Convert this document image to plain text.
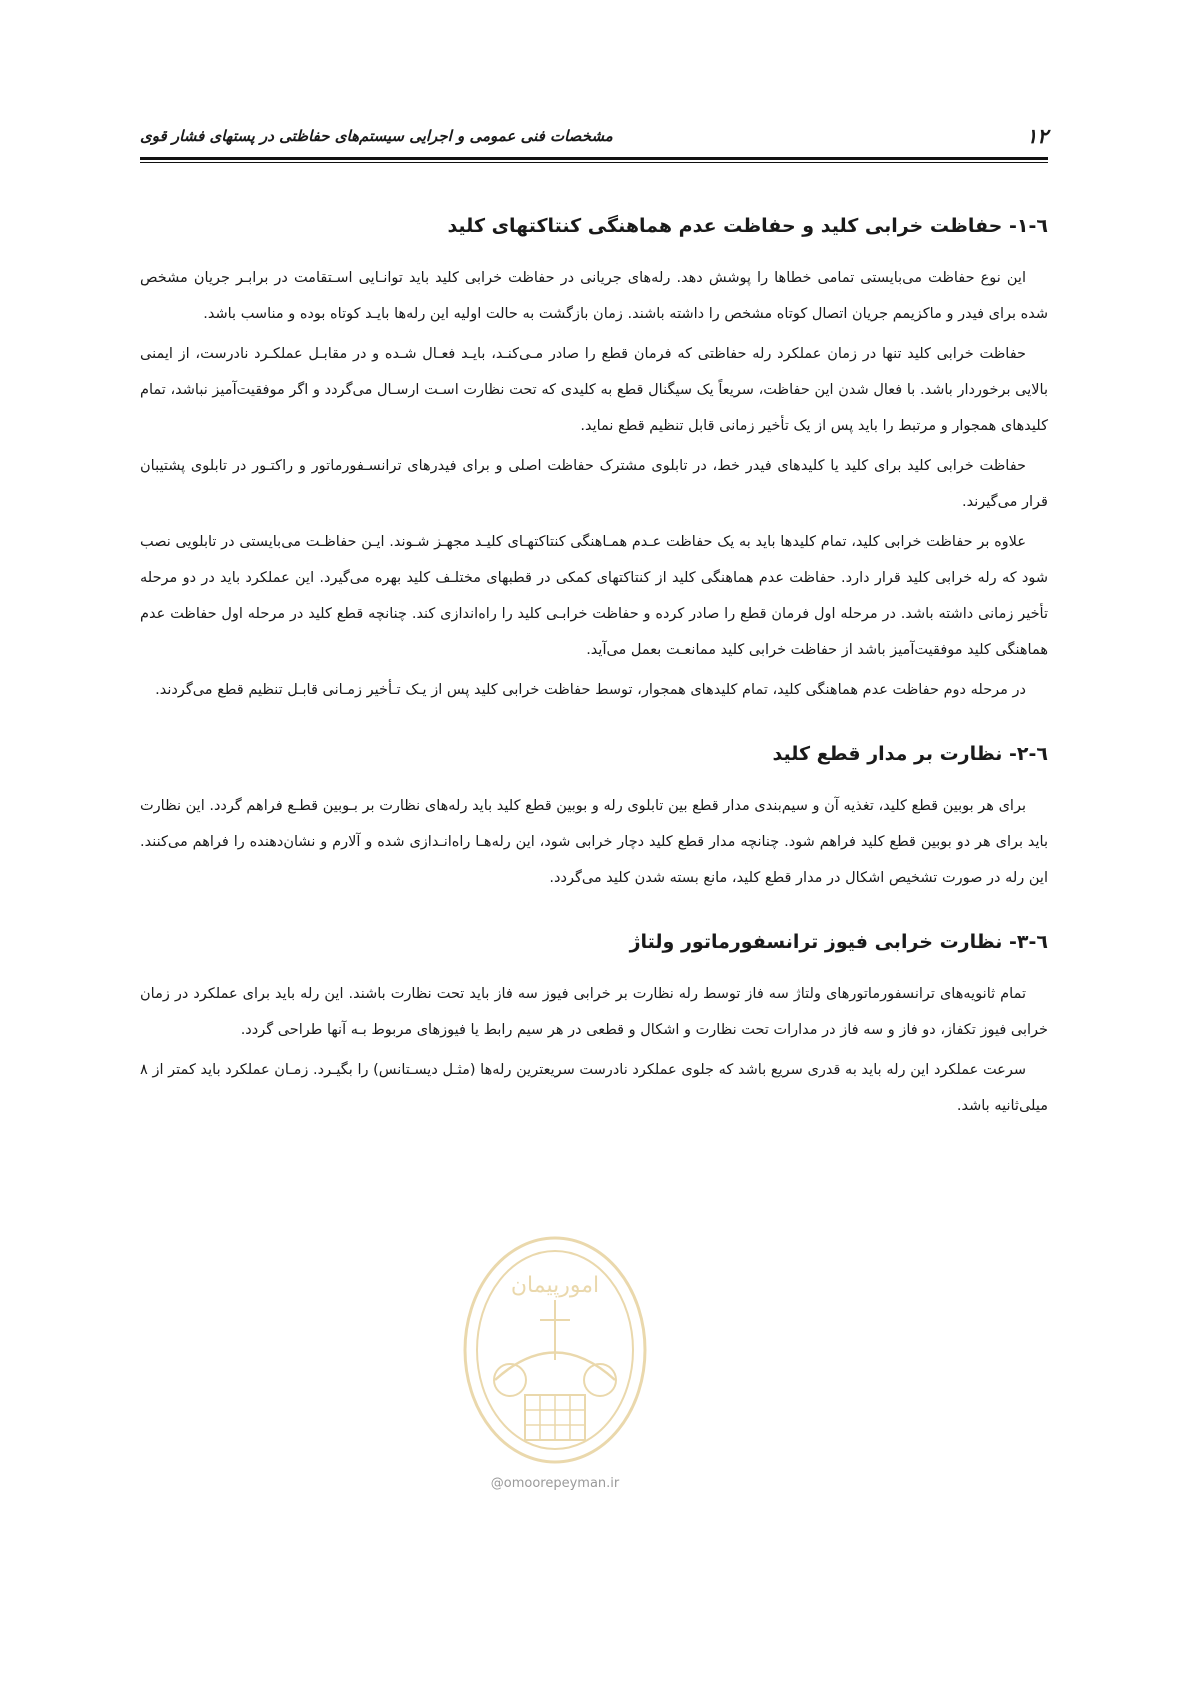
۱۲
مشخصات فنی عمومی و اجرایی سیستم‌های حفاظتی در پستهای فشار قوی
٦-١- حفاظت خرابی کلید و حفاظت عدم هماهنگی کنتاکتهای کلید

این نوع حفاظت می‌بایستی تمامی خطاها را پوشش دهد. رله‌های جریانی در حفاظت خرابی کلید باید توانـایی اسـتقامت در برابـر جریان مشخص شده برای فیدر و ماکزیمم جریان اتصال کوتاه مشخص را داشته باشند. زمان بازگشت به حالت اولیه این رله‌ها بایـد کوتاه بوده و مناسب باشد.

حفاظت خرابی کلید تنها در زمان عملکرد رله حفاظتی که فرمان قطع را صادر مـی‌کنـد، بایـد فعـال شـده و در مقابـل عملکـرد نادرست، از ایمنی بالایی برخوردار باشد. با فعال شدن این حفاظت، سریعاً یک سیگنال قطع به کلیدی که تحت نظارت اسـت ارسـال می‌گردد و اگر موفقیت‌آمیز نباشد، تمام کلیدهای همجوار و مرتبط را باید پس از یک تأخیر زمانی قابل تنظیم قطع نماید.

حفاظت خرابی کلید برای کلید یا کلیدهای فیدر خط، در تابلوی مشترک حفاظت اصلی و برای فیدرهای ترانسـفورماتور و راکتـور در تابلوی پشتیبان قرار می‌گیرند.

علاوه بر حفاظت خرابی کلید، تمام کلیدها باید به یک حفاظت عـدم همـاهنگی کنتاکتهـای کلیـد مجهـز شـوند. ایـن حفاظـت می‌بایستی در تابلویی نصب شود که رله خرابی کلید قرار دارد. حفاظت عدم هماهنگی کلید از کنتاکتهای کمکی در قطبهای مختلـف کلید بهره می‌گیرد. این عملکرد باید در دو مرحله تأخیر زمانی داشته باشد. در مرحله اول فرمان قطع را صادر کرده و حفاظت خرابـی کلید را راه‌اندازی کند. چنانچه قطع کلید در مرحله اول حفاظت عدم هماهنگی کلید موفقیت‌آمیز باشد از حفاظت خرابی کلید ممانعـت بعمل می‌آید.

در مرحله دوم حفاظت عدم هماهنگی کلید، تمام کلیدهای همجوار، توسط حفاظت خرابی کلید پس از یـک تـأخیر زمـانی قابـل تنظیم قطع می‌گردند.

٦-٢- نظارت بر مدار قطع کلید

برای هر بوبین قطع کلید، تغذیه آن و سیم‌بندی مدار قطع بین تابلوی رله و بوبین قطع کلید باید رله‌های نظارت بر بـوبین قطـع فراهم گردد. این نظارت باید برای هر دو بوبین قطع کلید فراهم شود. چنانچه مدار قطع کلید دچار خرابی شود، این رله‌هـا راه‌انـدازی شده و آلارم و نشان‌دهنده را فراهم می‌کنند. این رله در صورت تشخیص اشکال در مدار قطع کلید، مانع بسته شدن کلید می‌گردد.

٦-٣- نظارت خرابی فیوز ترانسفورماتور ولتاژ

تمام ثانویه‌های ترانسفورماتورهای ولتاژ سه فاز توسط رله نظارت بر خرابی فیوز سه فاز باید تحت نظارت باشند. این رله باید برای عملکرد در زمان خرابی فیوز تکفاز، دو فاز و سه فاز در مدارات تحت نظارت و اشکال و قطعی در هر سیم رابط یا فیوزهای مربوط بـه آنها طراحی گردد.

سرعت عملکرد این رله باید به قدری سریع باشد که جلوی عملکرد نادرست سریعترین رله‌ها (مثـل دیسـتانس) را بگیـرد. زمـان عملکرد باید کمتر از ۸ میلی‌ثانیه باشد.

امورپیمان
@omoorepeyman.ir
